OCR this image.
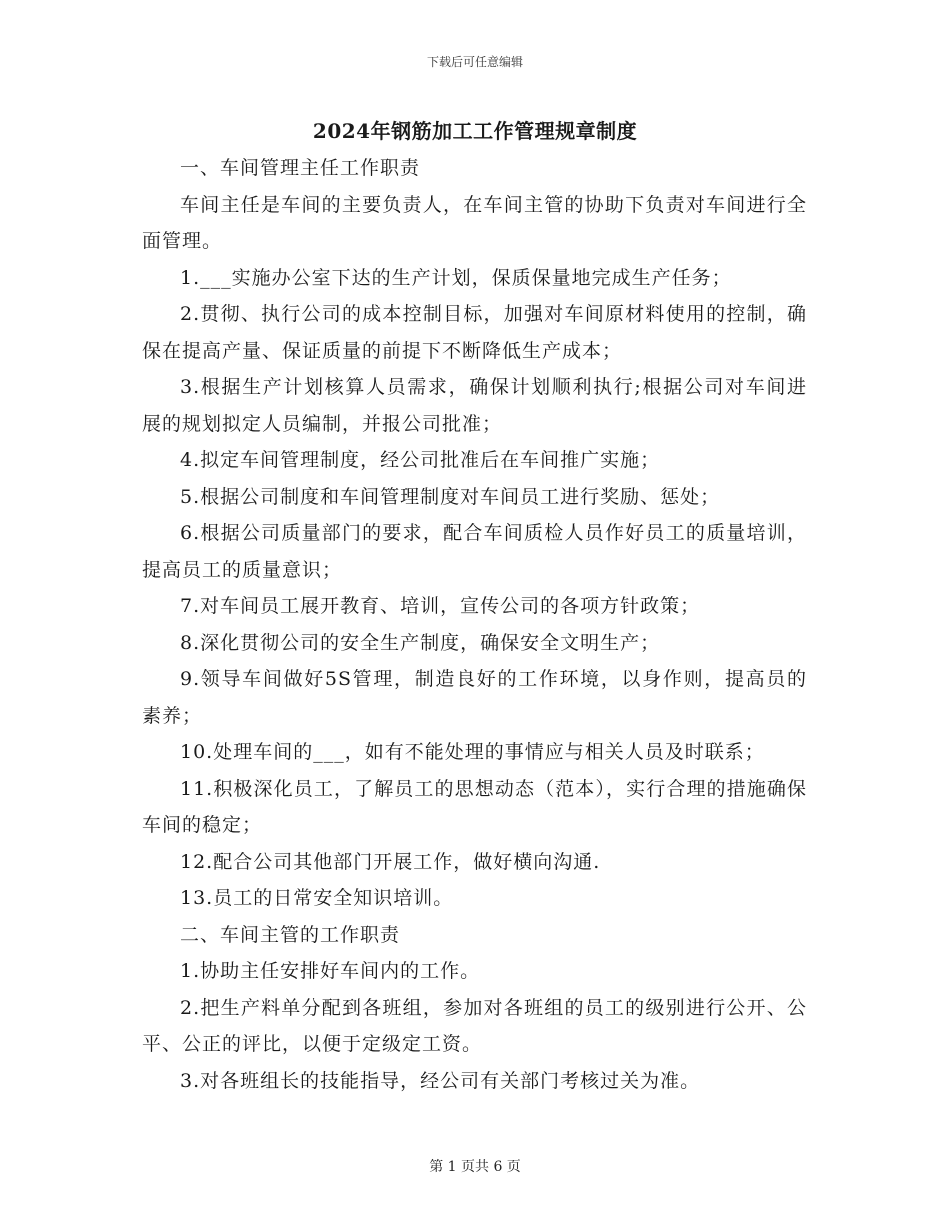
下载后可任意编辑
2024年钢筋加工工作管理规章制度

一、车间管理主任工作职责

车间主任是车间的主要负责人，在车间主管的协助下负责对车间进行全面管理。

1.___实施办公室下达的生产计划，保质保量地完成生产任务；

2.贯彻、执行公司的成本控制目标，加强对车间原材料使用的控制，确保在提高产量、保证质量的前提下不断降低生产成本；

3.根据生产计划核算人员需求，确保计划顺利执行;根据公司对车间进展的规划拟定人员编制，并报公司批准；

4.拟定车间管理制度，经公司批准后在车间推广实施；

5.根据公司制度和车间管理制度对车间员工进行奖励、惩处；

6.根据公司质量部门的要求，配合车间质检人员作好员工的质量培训，提高员工的质量意识；

7.对车间员工展开教育、培训，宣传公司的各项方针政策；

8.深化贯彻公司的安全生产制度，确保安全文明生产；

9.领导车间做好5S管理，制造良好的工作环境，以身作则，提高员的素养；

10.处理车间的___，如有不能处理的事情应与相关人员及时联系；

11.积极深化员工，了解员工的思想动态（范本），实行合理的措施确保车间的稳定；

12.配合公司其他部门开展工作，做好横向沟通.

13.员工的日常安全知识培训。

二、车间主管的工作职责

1.协助主任安排好车间内的工作。

2.把生产料单分配到各班组，参加对各班组的员工的级别进行公开、公平、公正的评比，以便于定级定工资。

3.对各班组长的技能指导，经公司有关部门考核过关为准。

第 1 页共 6 页
